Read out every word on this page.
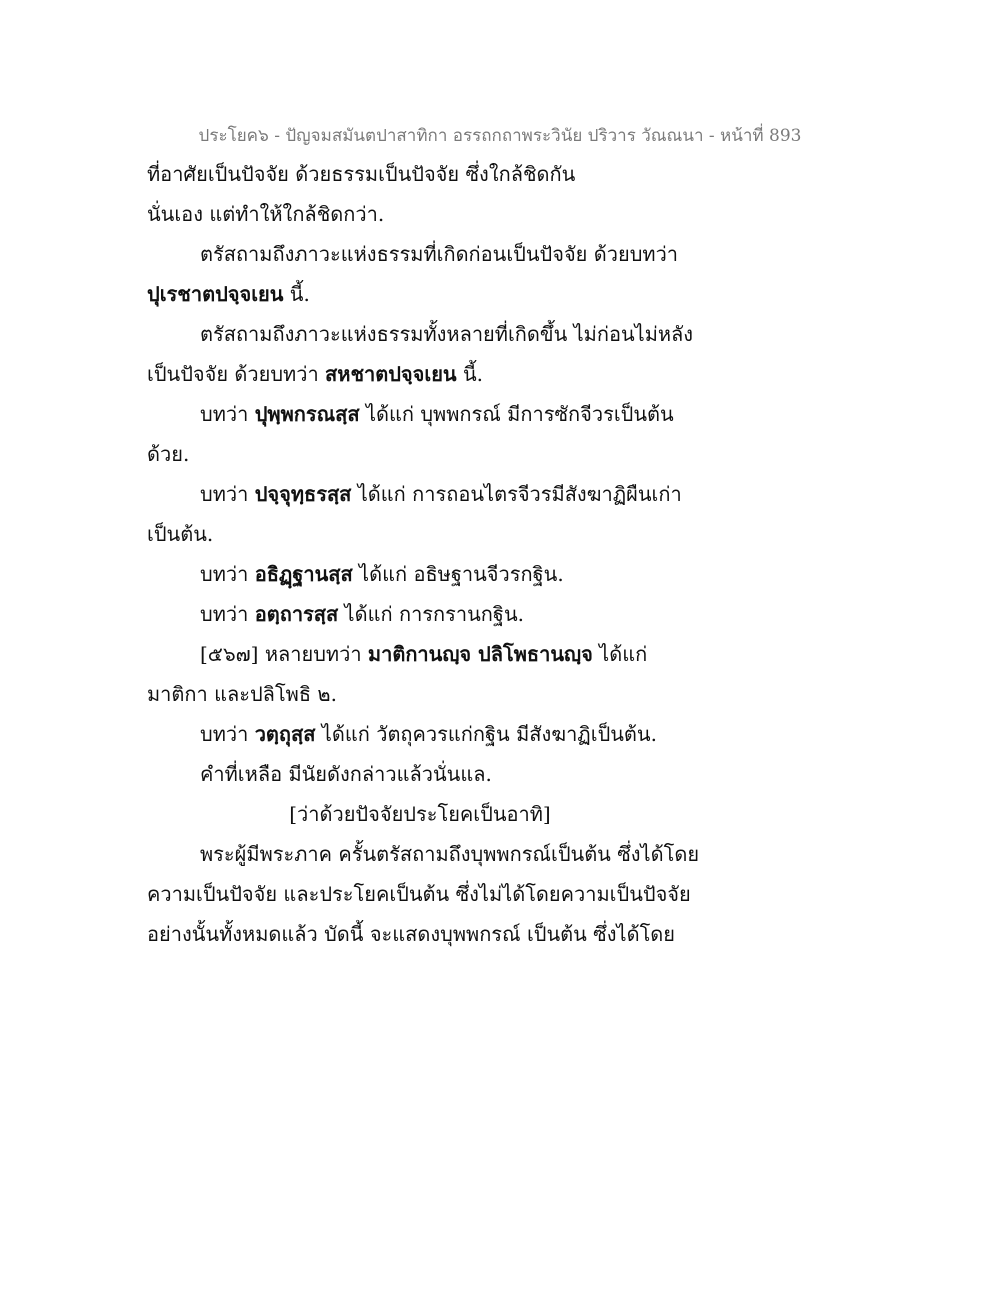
ประโยค๖ - ปัญจมสมันตปาสาทิกา อรรถกถาพระวินัย ปริวาร วัณณนา - หน้าที่ 893
ที่อาศัยเป็นปัจจัย ด้วยธรรมเป็นปัจจัย ซึ่งใกล้ชิดกัน
นั่นเอง แต่ทำให้ใกล้ชิดกว่า.
ตรัสถามถึงภาวะแห่งธรรมที่เกิดก่อนเป็นปัจจัย ด้วยบทว่า
ปุเรชาตปจฺจเยน นี้.
ตรัสถามถึงภาวะแห่งธรรมทั้งหลายที่เกิดขึ้น ไม่ก่อนไม่หลัง
เป็นปัจจัย ด้วยบทว่า สหชาตปจฺจเยน นี้.
บทว่า ปุพฺพกรณสฺส ได้แก่ บุพพกรณ์ มีการซักจีวรเป็นต้น
ด้วย.
บทว่า ปจฺจุทฺธรสฺส ได้แก่ การถอนไตรจีวรมีสังฆาฏิผืนเก่า
เป็นต้น.
บทว่า อธิฏฺฐานสฺส ได้แก่ อธิษฐานจีวรกฐิน.
บทว่า อตฺถารสฺส ได้แก่ การกรานกฐิน.
[๕๖๗] หลายบทว่า มาติกานญฺจ ปลิโพธานญฺจ ได้แก่
มาติกา และปลิโพธิ ๒.
บทว่า วตฺถุสฺส ได้แก่ วัตถุควรแก่กฐิน มีสังฆาฏิเป็นต้น.
คำที่เหลือ มีนัยดังกล่าวแล้วนั่นแล.
[ว่าด้วยปัจจัยประโยคเป็นอาทิ]
พระผู้มีพระภาค ครั้นตรัสถามถึงบุพพกรณ์เป็นต้น ซึ่งได้โดย
ความเป็นปัจจัย และประโยคเป็นต้น ซึ่งไม่ได้โดยความเป็นปัจจัย
อย่างนั้นทั้งหมดแล้ว บัดนี้ จะแสดงบุพพกรณ์ เป็นต้น ซึ่งได้โดย
